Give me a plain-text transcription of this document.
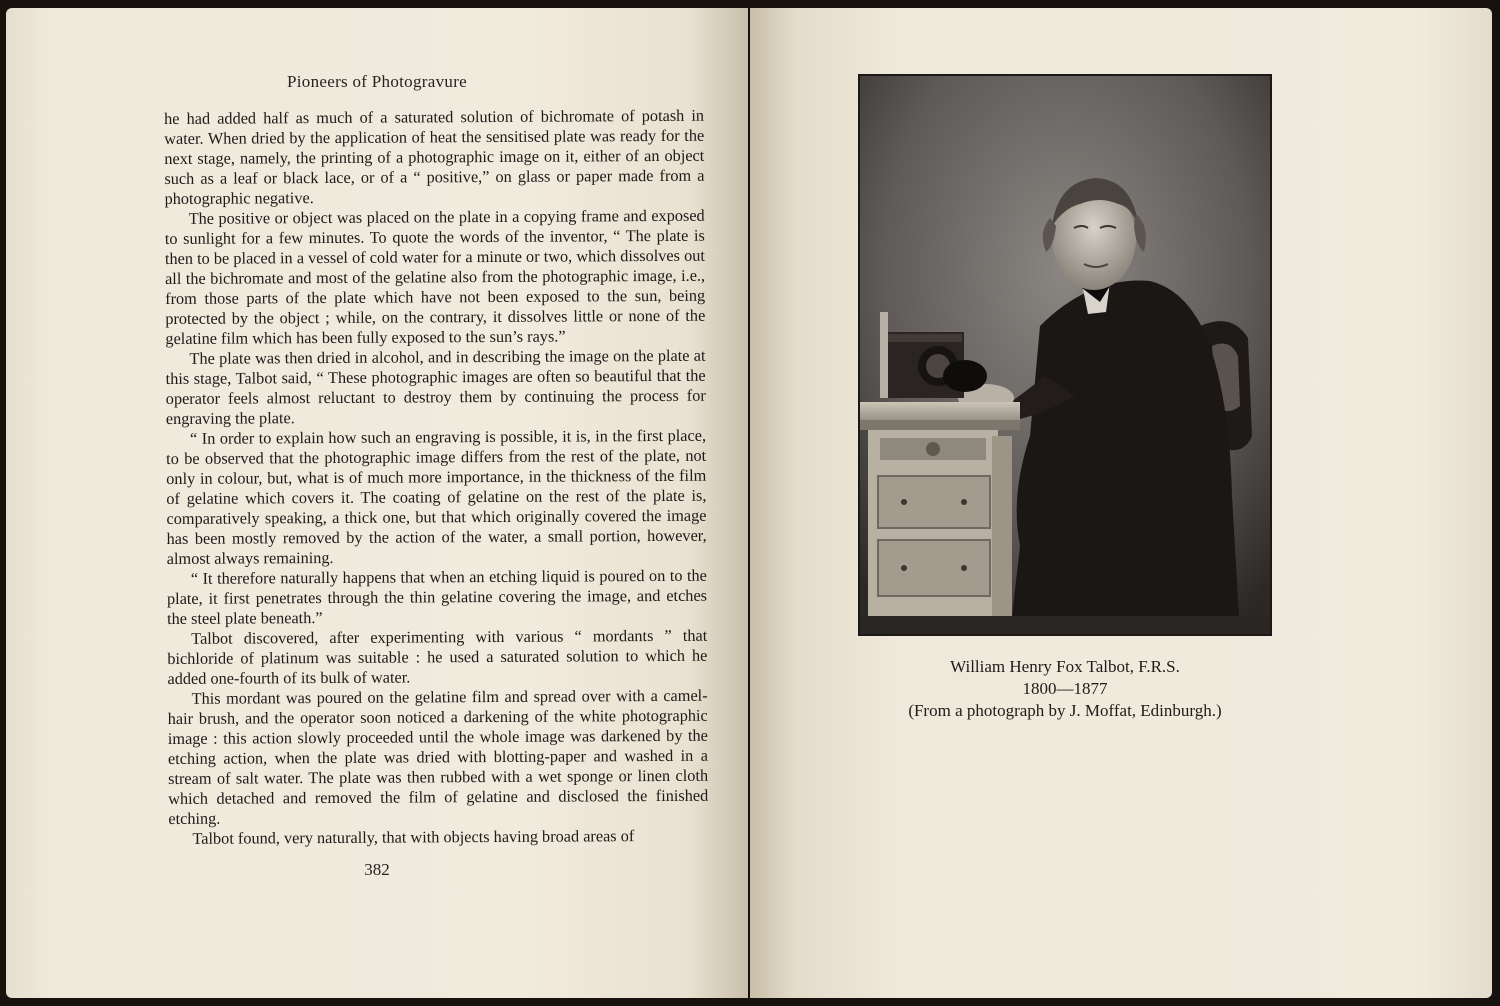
Pioneers of Photogravure

he had added half as much of a saturated solution of bichromate of potash in water. When dried by the application of heat the sensitised plate was ready for the next stage, namely, the printing of a photographic image on it, either of an object such as a leaf or black lace, or of a “ positive,” on glass or paper made from a photographic negative.

The positive or object was placed on the plate in a copying frame and exposed to sunlight for a few minutes. To quote the words of the inventor, “ The plate is then to be placed in a vessel of cold water for a minute or two, which dissolves out all the bichromate and most of the gelatine also from the photographic image, i.e., from those parts of the plate which have not been exposed to the sun, being protected by the object ; while, on the contrary, it dissolves little or none of the gelatine film which has been fully exposed to the sun’s rays.”

The plate was then dried in alcohol, and in describing the image on the plate at this stage, Talbot said, “ These photographic images are often so beautiful that the operator feels almost reluctant to destroy them by continuing the process for engraving the plate.

“ In order to explain how such an engraving is possible, it is, in the first place, to be observed that the photographic image differs from the rest of the plate, not only in colour, but, what is of much more importance, in the thickness of the film of gelatine which covers it. The coating of gelatine on the rest of the plate is, comparatively speaking, a thick one, but that which originally covered the image has been mostly removed by the action of the water, a small portion, however, almost always remaining.

“ It therefore naturally happens that when an etching liquid is poured on to the plate, it first penetrates through the thin gelatine covering the image, and etches the steel plate beneath.”

Talbot discovered, after experimenting with various “ mordants ” that bichloride of platinum was suitable : he used a saturated solution to which he added one-fourth of its bulk of water.

This mordant was poured on the gelatine film and spread over with a camel-hair brush, and the operator soon noticed a darkening of the white photographic image : this action slowly proceeded until the whole image was darkened by the etching action, when the plate was dried with blotting-paper and washed in a stream of salt water. The plate was then rubbed with a wet sponge or linen cloth which detached and removed the film of gelatine and disclosed the finished etching.

Talbot found, very naturally, that with objects having broad areas of

382
William Henry Fox Talbot, F.R.S.
1800—1877
(From a photograph by J. Moffat, Edinburgh.)
